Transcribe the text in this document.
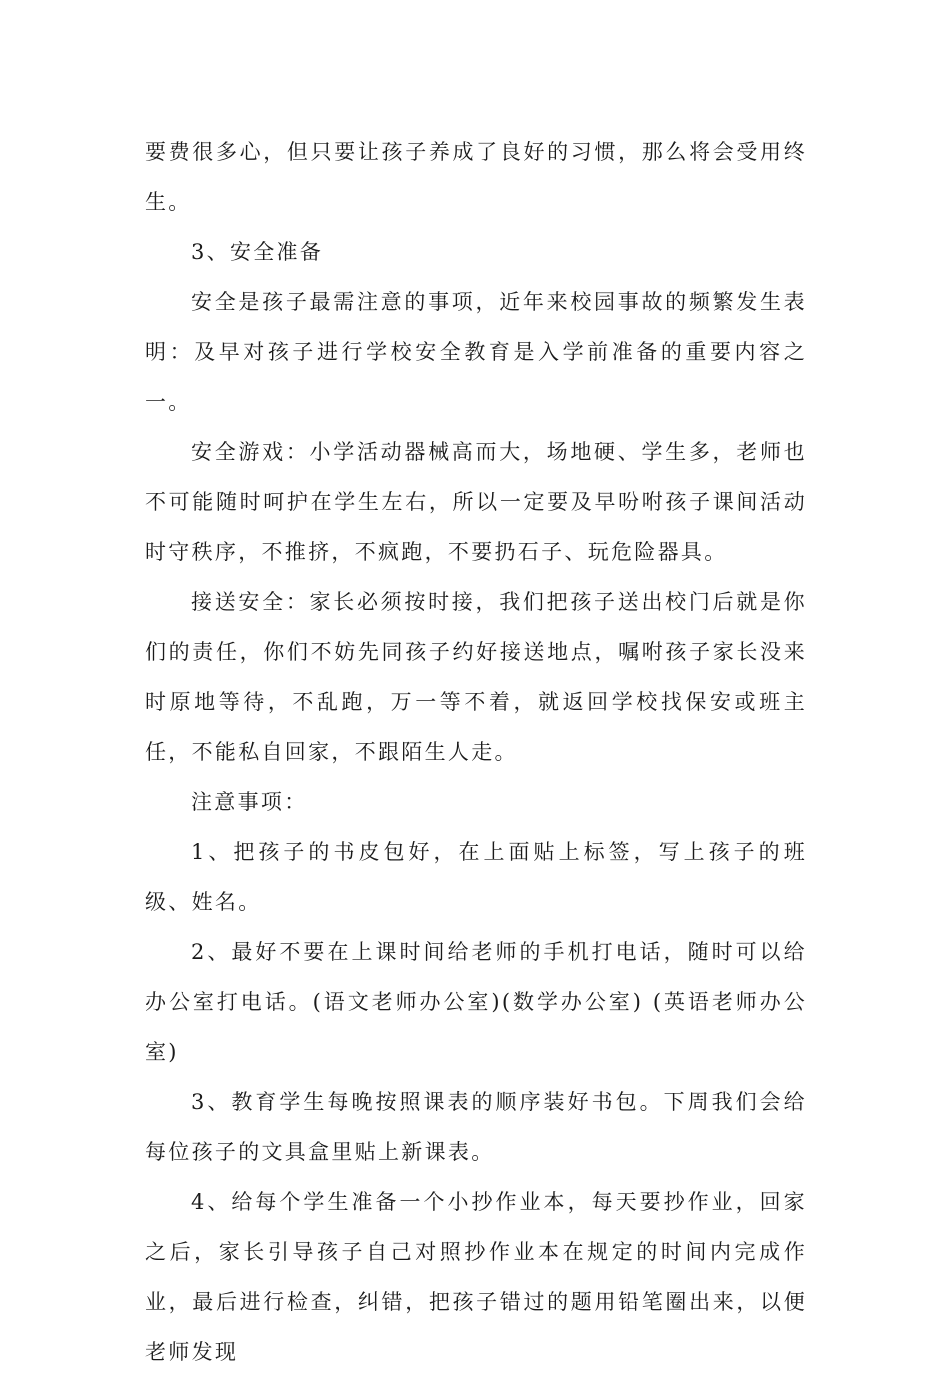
要费很多心，但只要让孩子养成了良好的习惯，那么将会受用终生。

3、安全准备

安全是孩子最需注意的事项，近年来校园事故的频繁发生表明：及早对孩子进行学校安全教育是入学前准备的重要内容之一。

安全游戏：小学活动器械高而大，场地硬、学生多，老师也不可能随时呵护在学生左右，所以一定要及早吩咐孩子课间活动时守秩序，不推挤，不疯跑，不要扔石子、玩危险器具。

接送安全：家长必须按时接，我们把孩子送出校门后就是你们的责任，你们不妨先同孩子约好接送地点，嘱咐孩子家长没来时原地等待，不乱跑，万一等不着，就返回学校找保安或班主任，不能私自回家，不跟陌生人走。

注意事项：

1、把孩子的书皮包好，在上面贴上标签，写上孩子的班级、姓名。

2、最好不要在上课时间给老师的手机打电话，随时可以给办公室打电话。(语文老师办公室)(数学办公室) (英语老师办公室)

3、教育学生每晚按照课表的顺序装好书包。下周我们会给每位孩子的文具盒里贴上新课表。

4、给每个学生准备一个小抄作业本，每天要抄作业，回家之后，家长引导孩子自己对照抄作业本在规定的时间内完成作业，最后进行检查，纠错，把孩子错过的题用铅笔圈出来，以便老师发现
